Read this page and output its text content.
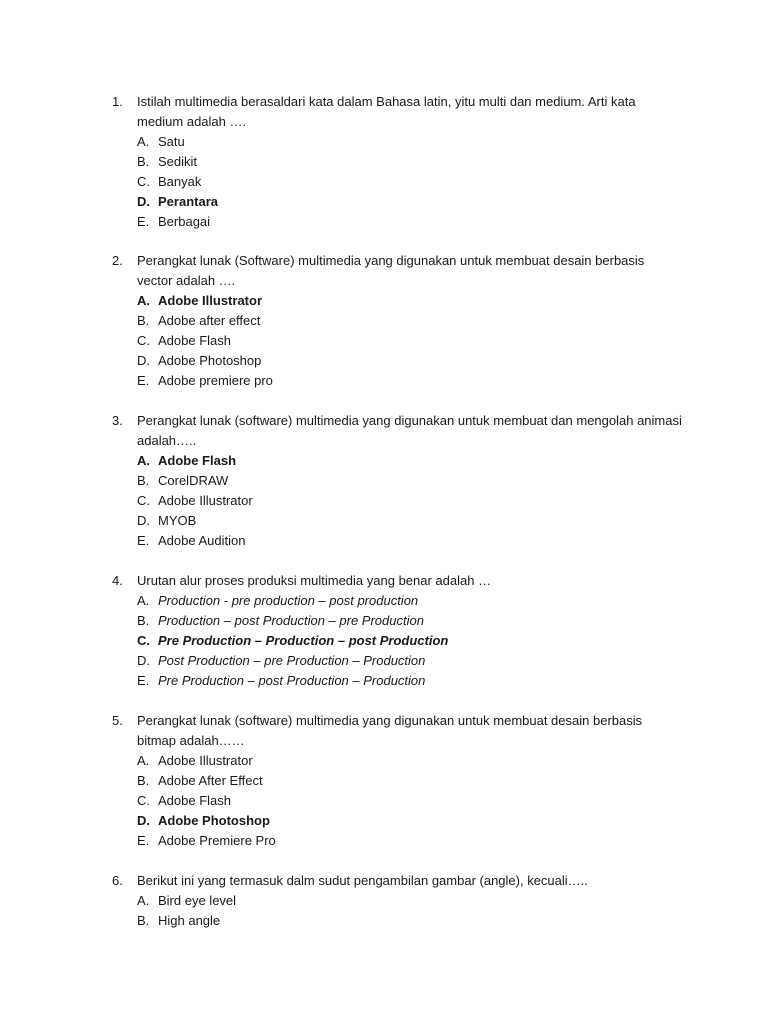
1. Istilah multimedia berasaldari kata dalam Bahasa latin, yitu multi dan medium. Arti kata medium adalah ….
A. Satu
B. Sedikit
C. Banyak
D. Perantara
E. Berbagai
2. Perangkat lunak (Software) multimedia yang digunakan untuk membuat desain berbasis vector adalah ….
A. Adobe Illustrator
B. Adobe after effect
C. Adobe Flash
D. Adobe Photoshop
E. Adobe premiere pro
3. Perangkat lunak (software) multimedia yang digunakan untuk membuat dan mengolah animasi adalah…..
A. Adobe Flash
B. CorelDRAW
C. Adobe Illustrator
D. MYOB
E. Adobe Audition
4. Urutan alur proses produksi multimedia yang benar adalah …
A. Production - pre production – post production
B. Production – post Production – pre Production
C. Pre Production – Production – post Production
D. Post Production – pre Production – Production
E. Pre Production – post Production – Production
5. Perangkat lunak (software) multimedia yang digunakan untuk membuat desain berbasis bitmap adalah……
A. Adobe Illustrator
B. Adobe After Effect
C. Adobe Flash
D. Adobe Photoshop
E. Adobe Premiere Pro
6. Berikut ini yang termasuk dalm sudut pengambilan gambar (angle), kecuali…..
A. Bird eye level
B. High angle
